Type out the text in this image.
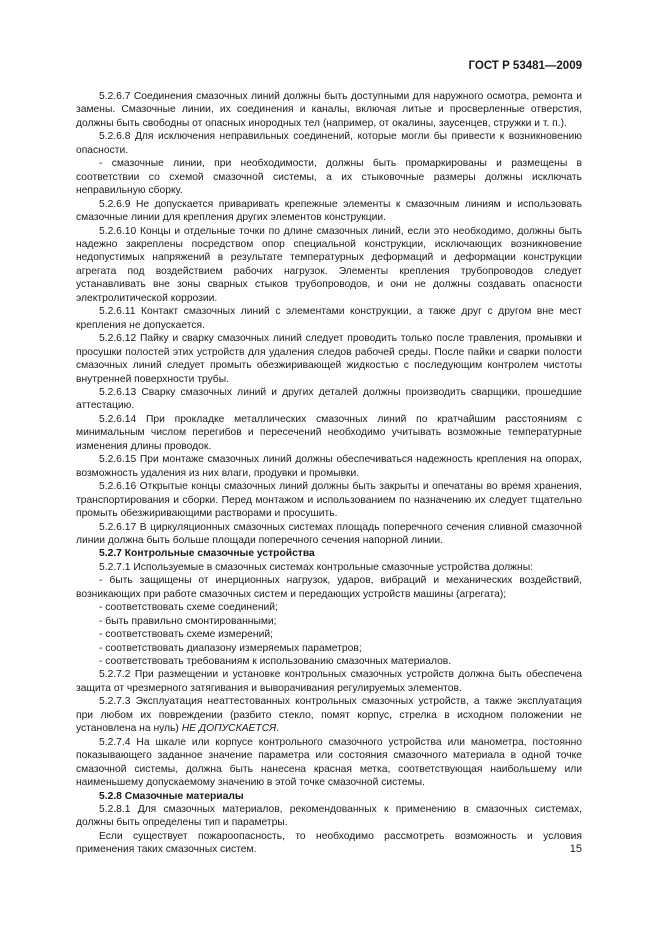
ГОСТ Р 53481—2009

5.2.6.7 Соединения смазочных линий должны быть доступными для наружного осмотра, ремонта и замены. Смазочные линии, их соединения и каналы, включая литые и просверленные отверстия, должны быть свободны от опасных инородных тел (например, от окалины, заусенцев, стружки и т. п.).

5.2.6.8 Для исключения неправильных соединений, которые могли бы привести к возникновению опасности.

- смазочные линии, при необходимости, должны быть промаркированы и размещены в соответствии со схемой смазочной системы, а их стыковочные размеры должны исключать неправильную сборку.

5.2.6.9 Не допускается приваривать крепежные элементы к смазочным линиям и использовать смазочные линии для крепления других элементов конструкции.

5.2.6.10 Концы и отдельные точки по длине смазочных линий, если это необходимо, должны быть надежно закреплены посредством опор специальной конструкции, исключающих возникновение недопустимых напряжений в результате температурных деформаций и деформации конструкции агрегата под воздействием рабочих нагрузок. Элементы крепления трубопроводов следует устанавливать вне зоны сварных стыков трубопроводов, и они не должны создавать опасности электролитической коррозии.

5.2.6.11 Контакт смазочных линий с элементами конструкции, а также друг с другом вне мест крепления не допускается.

5.2.6.12 Пайку и сварку смазочных линий следует проводить только после травления, промывки и просушки полостей этих устройств для удаления следов рабочей среды. После пайки и сварки полости смазочных линий следует промыть обезжиривающей жидкостью с последующим контролем чистоты внутренней поверхности трубы.

5.2.6.13 Сварку смазочных линий и других деталей должны производить сварщики, прошедшие аттестацию.

5.2.6.14 При прокладке металлических смазочных линий по кратчайшим расстояниям с минимальным числом перегибов и пересечений необходимо учитывать возможные температурные изменения длины проводок.

5.2.6.15 При монтаже смазочных линий должны обеспечиваться надежность крепления на опорах, возможность удаления из них влаги, продувки и промывки.

5.2.6.16 Открытые концы смазочных линий должны быть закрыты и опечатаны во время хранения, транспортирования и сборки. Перед монтажом и использованием по назначению их следует тщательно промыть обезжиривающими растворами и просушить.

5.2.6.17 В циркуляционных смазочных системах площадь поперечного сечения сливной смазочной линии должна быть больше площади поперечного сечения напорной линии.

5.2.7 Контрольные смазочные устройства

5.2.7.1 Используемые в смазочных системах контрольные смазочные устройства должны:

- быть защищены от инерционных нагрузок, ударов, вибраций и механических воздействий, возникающих при работе смазочных систем и передающих устройств машины (агрегата);

- соответствовать схеме соединений;

- быть правильно смонтированными;

- соответствовать схеме измерений;

- соответствовать диапазону измеряемых параметров;

- соответствовать требованиям к использованию смазочных материалов.

5.2.7.2 При размещении и установке контрольных смазочных устройств должна быть обеспечена защита от чрезмерного затягивания и выворачивания регулируемых элементов.

5.2.7.3 Эксплуатация неаттестованных контрольных смазочных устройств, а также эксплуатация при любом их повреждении (разбито стекло, помят корпус, стрелка в исходном положении не установлена на нуль) НЕ ДОПУСКАЕТСЯ.

5.2.7.4 На шкале или корпусе контрольного смазочного устройства или манометра, постоянно показывающего заданное значение параметра или состояния смазочного материала в одной точке смазочной системы, должна быть нанесена красная метка, соответствующая наибольшему или наименьшему допускаемому значению в этой точке смазочной системы.

5.2.8 Смазочные материалы

5.2.8.1 Для смазочных материалов, рекомендованных к применению в смазочных системах, должны быть определены тип и параметры.

Если существует пожароопасность, то необходимо рассмотреть возможность и условия применения таких смазочных систем.	15
